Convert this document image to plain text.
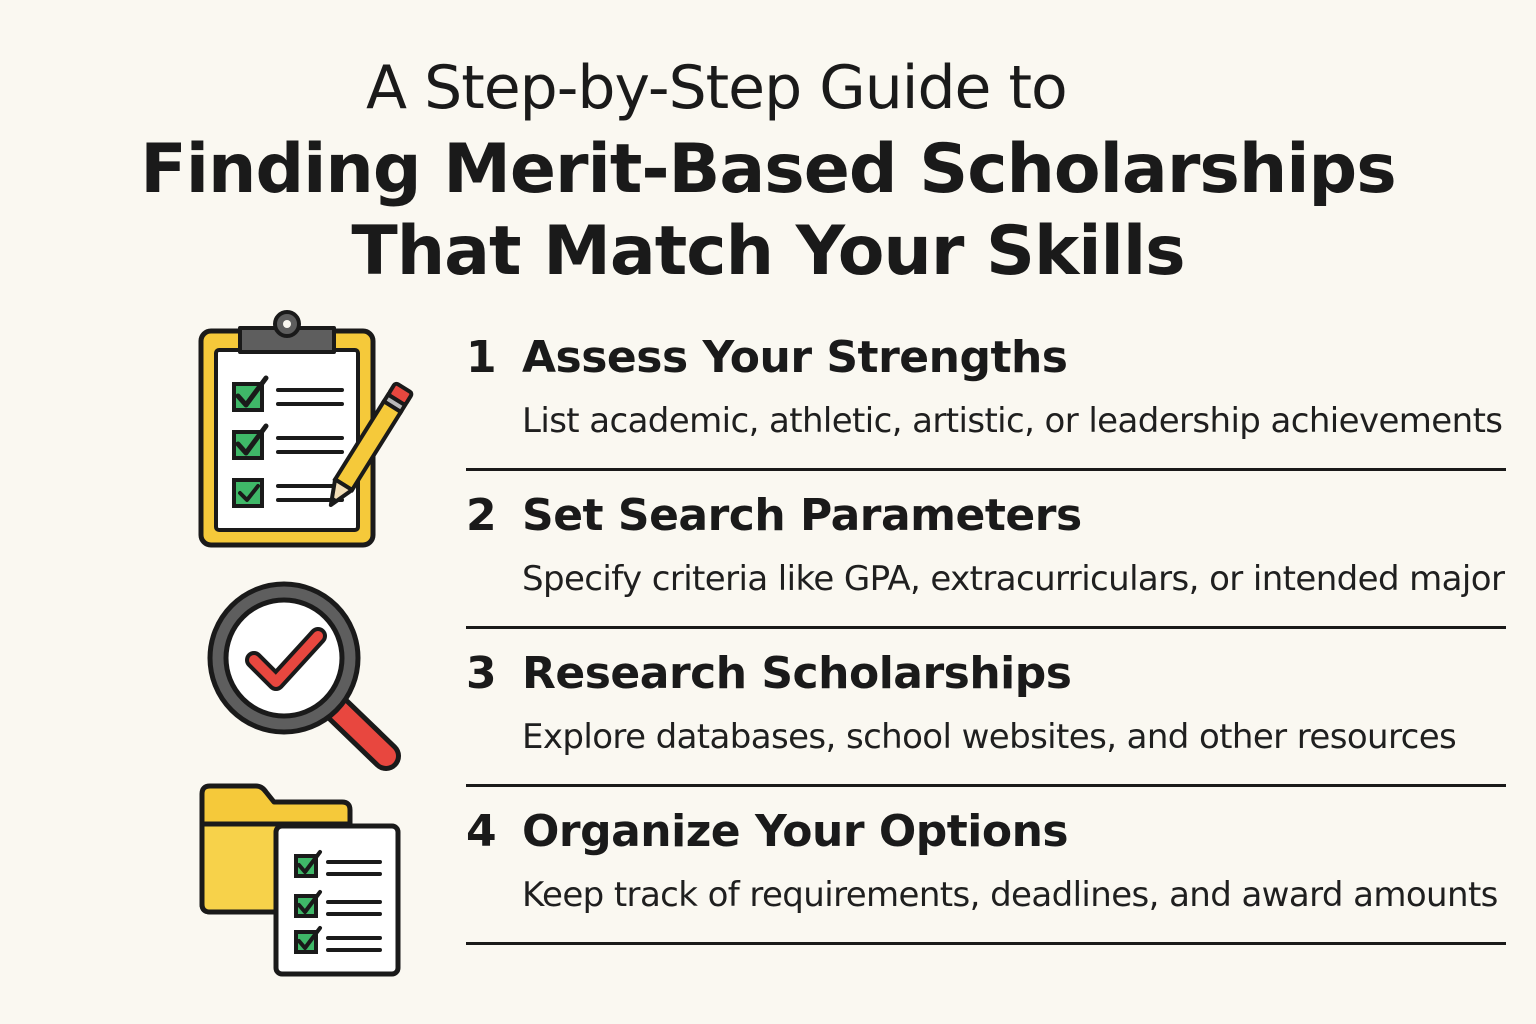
A Step-by-Step Guide to
Finding Merit-Based Scholarships
That Match Your Skills
1 Assess Your Strengths
List academic, athletic, artistic, or leadership achievements
2 Set Search Parameters
Specify criteria like GPA, extracurriculars, or intended major
3 Research Scholarships
Explore databases, school websites, and other resources
4 Organize Your Options
Keep track of requirements, deadlines, and award amounts
